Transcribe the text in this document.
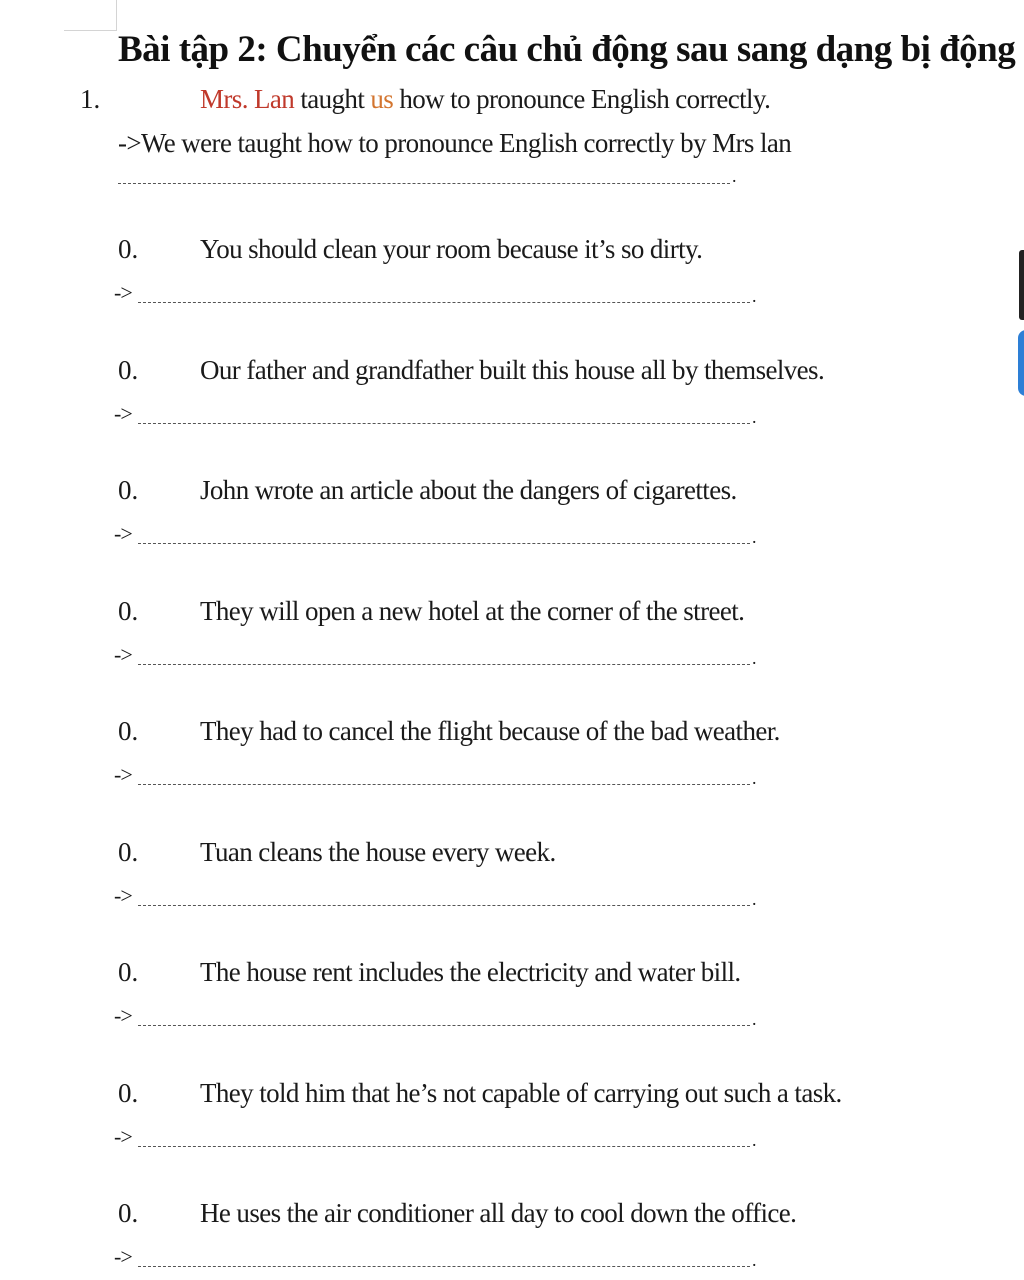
Bài tập 2: Chuyển các câu chủ động sau sang dạng bị động
1.	Mrs. Lan taught us how to pronounce English correctly.
->We were taught how to pronounce English correctly by Mrs lan
.
0. You should clean your room because it’s so dirty.
->	.
0. Our father and grandfather built this house all by themselves.
->	.
0. John wrote an article about the dangers of cigarettes.
->	.
0. They will open a new hotel at the corner of the street.
->	.
0. They had to cancel the flight because of the bad weather.
->	.
0. Tuan cleans the house every week.
->	.
0. The house rent includes the electricity and water bill.
->	.
0. They told him that he’s not capable of carrying out such a task.
->	.
0. He uses the air conditioner all day to cool down the office.
->	.
